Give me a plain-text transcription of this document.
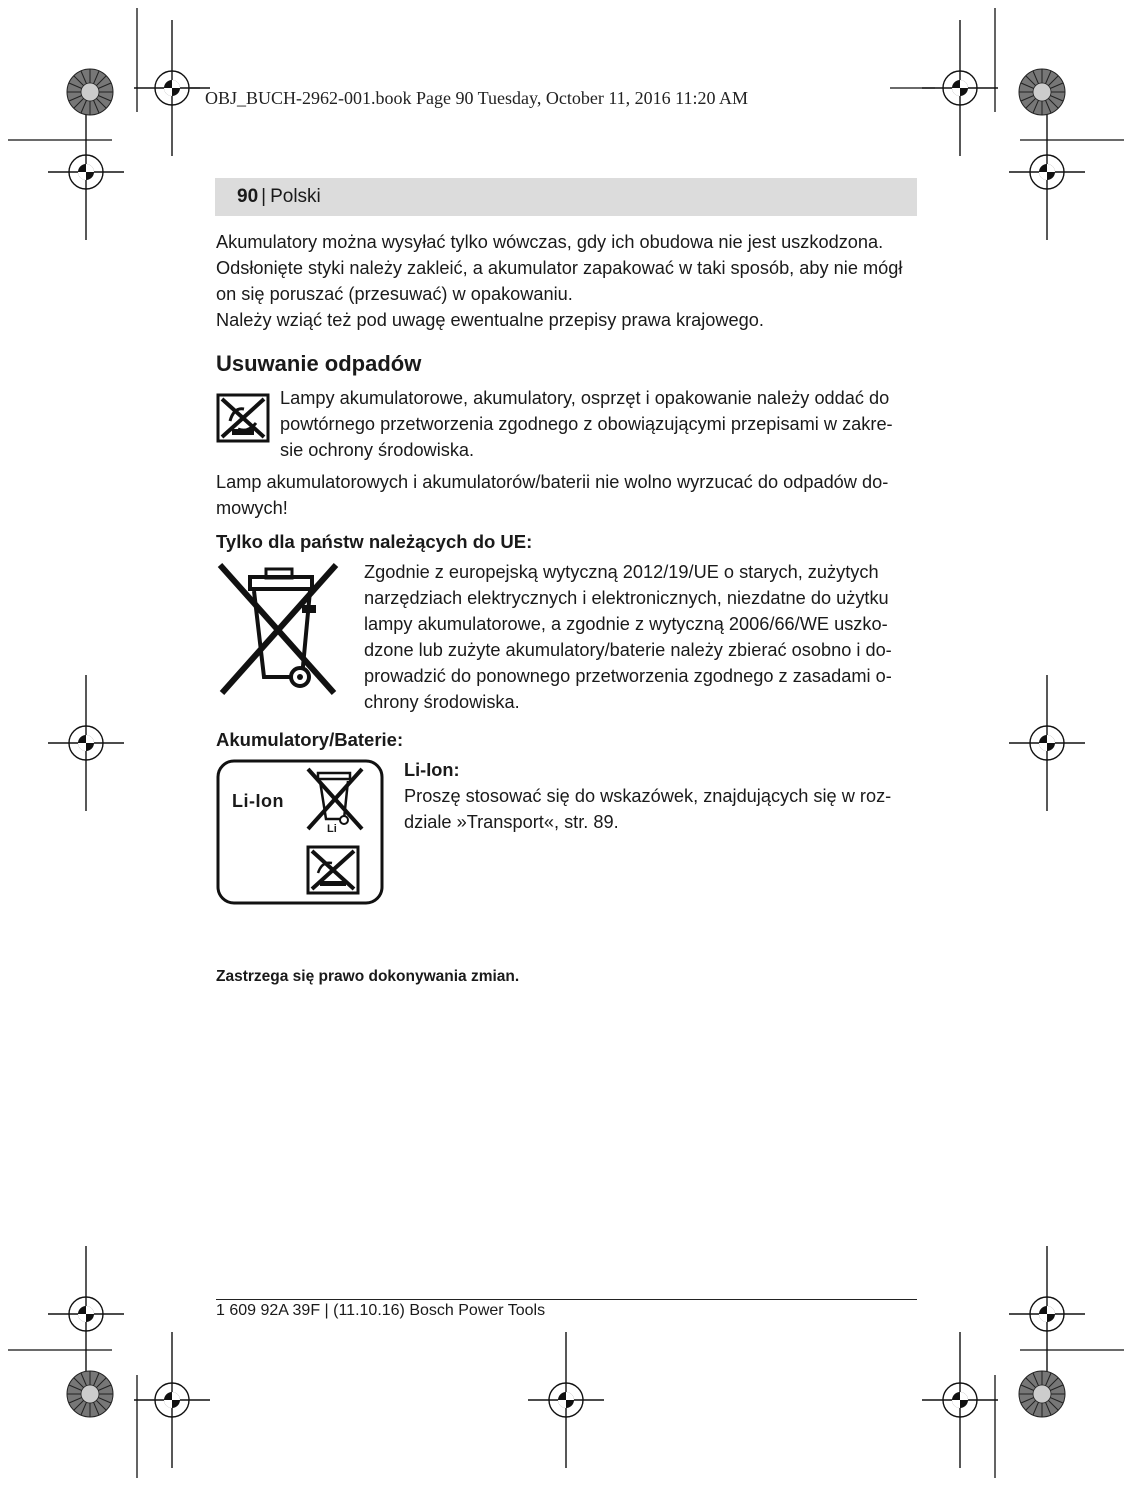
OBJ_BUCH-2962-001.book Page 90 Tuesday, October 11, 2016 11:20 AM
90 | Polski

Akumulatory można wysyłać tylko wówczas, gdy ich obudowa nie jest uszkodzona.

Odsłonięte styki należy zakleić, a akumulator zapakować w taki sposób, aby nie mógł

on się poruszać (przesuwać) w opakowaniu.

Należy wziąć też pod uwagę ewentualne przepisy prawa krajowego.

Usuwanie odpadów

Lampy akumulatorowe, akumulatory, osprzęt i opakowanie należy oddać do

powtórnego przetworzenia zgodnego z obowiązującymi przepisami w zakre-

sie ochrony środowiska.

Lamp akumulatorowych i akumulatorów/baterii nie wolno wyrzucać do odpadów do-

mowych!

Tylko dla państw należących do UE:

Zgodnie z europejską wytyczną 2012/19/UE o starych, zużytych

narzędziach elektrycznych i elektronicznych, niezdatne do użytku

lampy akumulatorowe, a zgodnie z wytyczną 2006/66/WE uszko-

dzone lub zużyte akumulatory/baterie należy zbierać osobno i do-

prowadzić do ponownego przetworzenia zgodnego z zasadami o-

chrony środowiska.

Akumulatory/Baterie:
Li-Ion
Li

Li-Ion:

Proszę stosować się do wskazówek, znajdujących się w roz-

dziale »Transport«, str. 89.

Zastrzega się prawo dokonywania zmian.
1 609 92A 39F | (11.10.16) Bosch Power Tools
